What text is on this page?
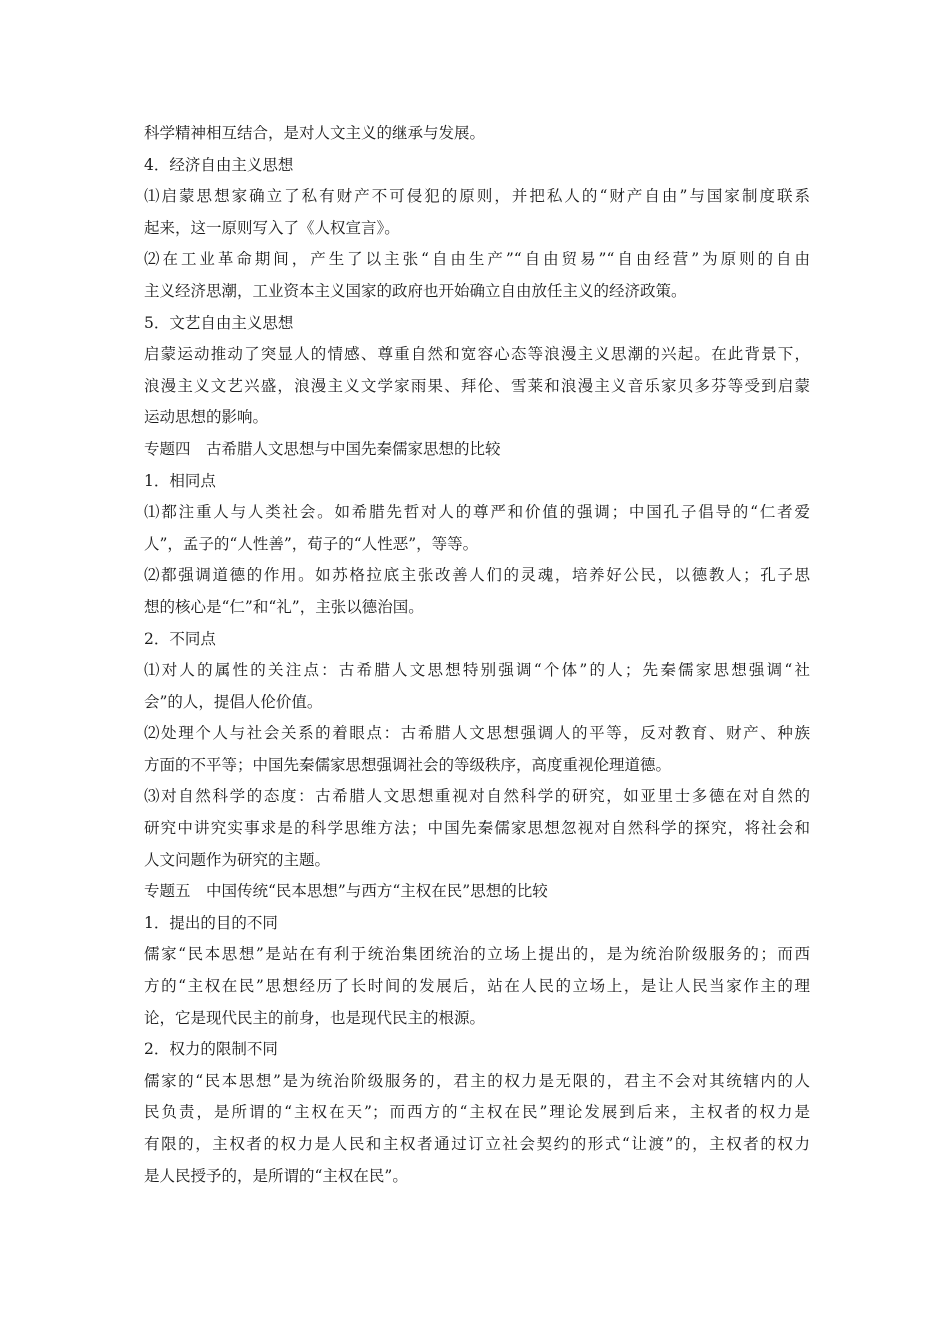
科学精神相互结合，是对人文主义的继承与发展。
4．经济自由主义思想
⑴启蒙思想家确立了私有财产不可侵犯的原则，并把私人的“财产自由”与国家制度联系
起来，这一原则写入了《人权宣言》。
⑵在工业革命期间，产生了以主张“自由生产”“自由贸易”“自由经营”为原则的自由
主义经济思潮，工业资本主义国家的政府也开始确立自由放任主义的经济政策。
5．文艺自由主义思想
启蒙运动推动了突显人的情感、尊重自然和宽容心态等浪漫主义思潮的兴起。在此背景下，
浪漫主义文艺兴盛，浪漫主义文学家雨果、拜伦、雪莱和浪漫主义音乐家贝多芬等受到启蒙
运动思想的影响。
专题四　古希腊人文思想与中国先秦儒家思想的比较
1．相同点
⑴都注重人与人类社会。如希腊先哲对人的尊严和价值的强调；中国孔子倡导的“仁者爱
人”，孟子的“人性善”，荀子的“人性恶”，等等。
⑵都强调道德的作用。如苏格拉底主张改善人们的灵魂，培养好公民，以德教人；孔子思
想的核心是“仁”和“礼”，主张以德治国。
2．不同点
⑴对人的属性的关注点：古希腊人文思想特别强调“个体”的人；先秦儒家思想强调“社
会”的人，提倡人伦价值。
⑵处理个人与社会关系的着眼点：古希腊人文思想强调人的平等，反对教育、财产、种族
方面的不平等；中国先秦儒家思想强调社会的等级秩序，高度重视伦理道德。
⑶对自然科学的态度：古希腊人文思想重视对自然科学的研究，如亚里士多德在对自然的
研究中讲究实事求是的科学思维方法；中国先秦儒家思想忽视对自然科学的探究，将社会和
人文问题作为研究的主题。
专题五　中国传统“民本思想”与西方“主权在民”思想的比较
1．提出的目的不同
儒家“民本思想”是站在有利于统治集团统治的立场上提出的，是为统治阶级服务的；而西
方的“主权在民”思想经历了长时间的发展后，站在人民的立场上，是让人民当家作主的理
论，它是现代民主的前身，也是现代民主的根源。
2．权力的限制不同
儒家的“民本思想”是为统治阶级服务的，君主的权力是无限的，君主不会对其统辖内的人
民负责，是所谓的“主权在天”；而西方的“主权在民”理论发展到后来，主权者的权力是
有限的，主权者的权力是人民和主权者通过订立社会契约的形式“让渡”的，主权者的权力
是人民授予的，是所谓的“主权在民”。
